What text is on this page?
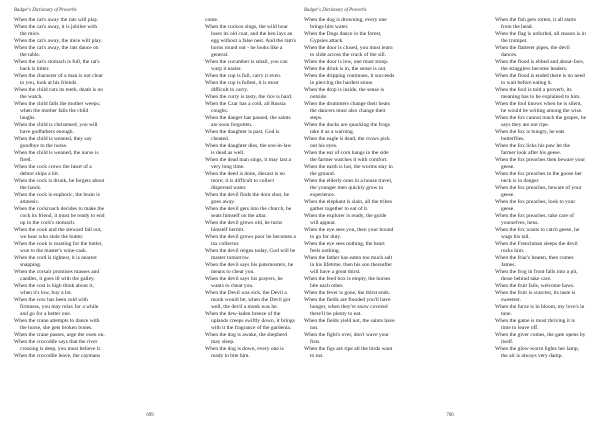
Badger's Dictionary of Proverbs
When the cat's away the rats will play.
When the cat's away, it is jubilee with the mice.
When the cat's away, the mice will play.
When the cat's away, the rats dance on the table.
When the cat's stomach is full, the rat's back is bitter.
When the character of a man is not clear to you, look at his friends.
When the child cuts its teeth, death is on the watch.
When the child falls the mother weeps; when the mother falls the child laughs.
When the child is christened, you will have godfathers enough.
When the child is weaned, they say goodbye to the nurse.
When the child is weaned, the nurse is fired.
When the cock crows the heart of a debtor skips a bit.
When the cock is drunk, he forgets about the hawk.
When the cock is euphoric, the brain is amnesic.
When the cockroach decides to make the cock its friend, it must be ready to end up in the cock's stomach.
When the cook and the steward fall out, we hear who stole the butter.
When the cook is roasting for the butler, woe to the master's wine-cask.
When the cord is tightest, it is nearest snapping.
When the corsair promises masses and candles, it goes ill with the galley.
When the cost is high think about it, when it's low, buy a lot.
When the cow has been sold with firmness, you may relax for a while and go for a better one.
When the crane attempts to dance with the horse, she gets broken bones.
When the crane passes, urge the oxen on.
When the crocodile says that the river crossing is deep, you must believe it.
When the crocodile leave, the caymans
come.
When the cuckoo sings, the wild boar loses its old coat, and the hen lays an egg without a false nest. And the ram's horns round out - he looks like a general.
When the cucumber is small, you can warp it easier.
When the cup is full, carry it even.
When the cup is fullest, it is most difficult to carry.
When the curry is tasty, the rice is hard.
When the Czar has a cold, all Russia coughs.
When the danger has passed, the saints are soon forgotten.
When the daughter is past, God is cheated.
When the daughter dies, the son-in-law is dead as well.
When the dead man sings, it may last a very long time.
When the deed is done, diecast is no more; it is difficult to collect dispersed water.
When the devil finds the door shut, he goes away.
When the devil gets into the church, he seats himself on the altar.
When the devil grows old, he turns himself hermit.
When the devil grows poor he becomes a tax collector.
When the devil reigns today, God will be master tomorrow.
When the devil says his paternosters, he means to cheat you.
When the devil says his prayers, he wants to cheat you.
When the Devil was sick, the Devil a monk would be; when the Devil got well, the devil a monk was he.
When the dew-laden breeze of the uplands creeps swiftly down, it brings with it the fragrance of the gardenia.
When the dog is awake, the shepherd may sleep.
When the dog is down, every one is ready to bite him.
699
Badger's Dictionary of Proverbs
When the dog is drowning, every one brings him water.
When the Dogs dance in the forest, Gypsies attack.
When the door is closed, you must learn to slide across the crack of the sill.
When the door is low, one must stoop.
When the drink is in, the sense is out.
When the dripping continues, it succeeds in piercing the hardest stone.
When the drop is inside, the sense is outside.
When the drummers change their beats the dancers must also change their steps.
When the ducks are quacking the frogs take it as a warning.
When the eagle is dead, the crows pick out his eyes.
When the ear of corn hangs in the side the farmer watches it with comfort.
When the earth is hot, the worms stay in the ground.
When the elderly ones in a house travel, the younger men quickly grow in experience.
When the elephant is slain, all the tribes gather together to eat of it.
When the explorer is ready, the guide will appear.
When the eye sees you, then your bound to go for duty.
When the eye sees nothing, the heart feels nothing.
When the father has eaten too much salt in his lifetime, then his son thereafter will have a great thirst.
When the feed box is empty, the horses bite each other.
When the fever is gone, the thirst ends.
When the fields are flooded you'll have hunger, when they're snow covered there'll be plenty to eat.
When the fields yield not, the saints have not.
When the fight's over, don't wave your fists.
When the figs are ripe all the birds want to eat.
When the fish gets rotten, it all starts from the head.
When the flag is unfurled, all reason is in the trumpet.
When the flatterer pipes, the devil dances.
When the flood is ebbed and about-face, the stragglers become leaders.
When the flood is ended there is no need to wait before eating it.
When the fool is told a proverb, its meaning has to be explained to him.
When the fool knows when he is silent, he would be writing among the wise.
When the fox cannot reach the grapes, he says they are not ripe.
When the fox is hungry, he eats butterflies.
When the fox licks his paw let the farmer look after his geese.
When the fox preaches then beware your geese.
When the fox preaches to the goose her neck is in danger.
When the fox preaches, beware of your geese.
When the fox preaches, look to your geese.
When the fox preaches, take care of yourselves, hens.
When the fox wants to catch geese, he wags his tail.
When the Frenchman sleeps the devil rocks him.
When the friar's beaten, then comes James.
When the frog in front falls into a pit, those behind take care.
When the fruit fails, welcome haws.
When the fruit is scarcest, its taste is sweetest.
When the furze is in bloom, my love's in tune.
When the game is most thriving it is time to leave off.
When the giver comes, the gate opens by itself.
When the glow-worm lights her lamp, the air is always very damp.
700
